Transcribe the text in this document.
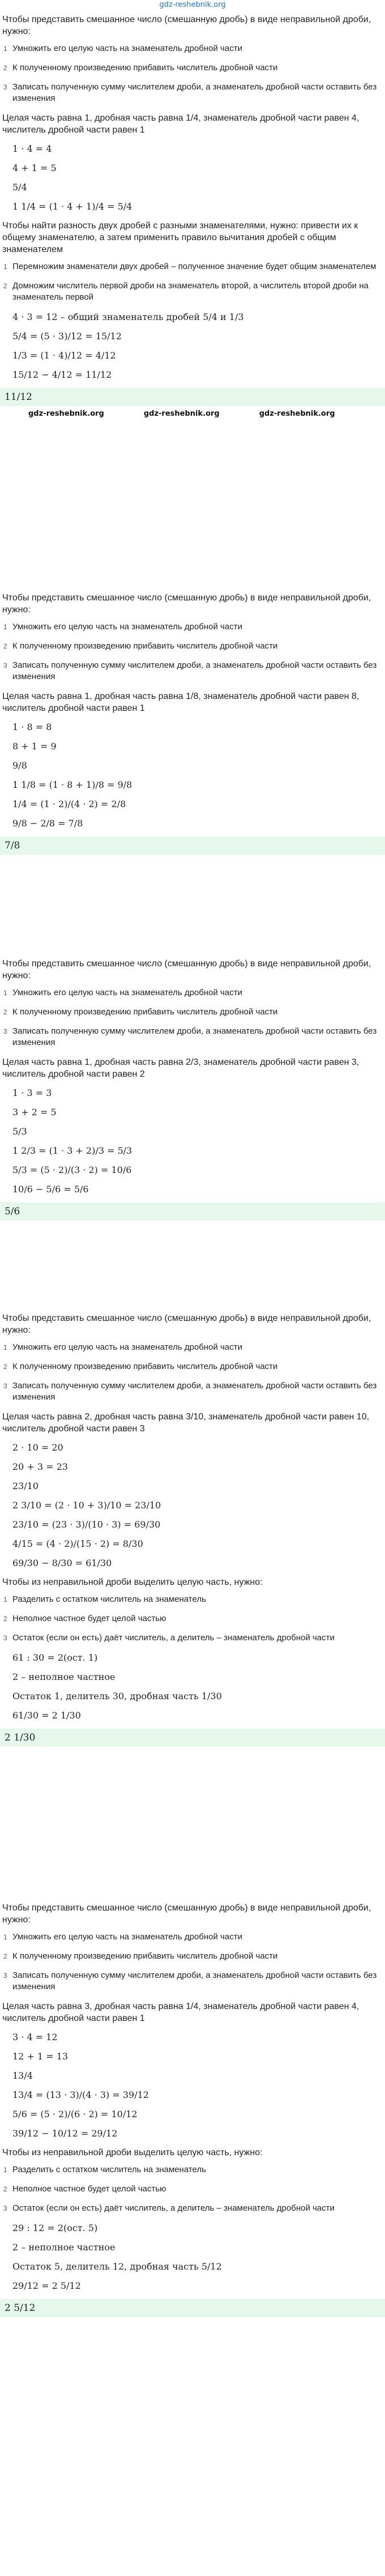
gdz-reshebnik.org

Чтобы представить смешанное число (смешанную дробь) в виде неправильной дроби, нужно:

1 Умножить его целую часть на знаменатель дробной части
2 К полученному произведению прибавить числитель дробной части
3 Записать полученную сумму числителем дроби, а знаменатель дробной части оставить без изменения

Целая часть равна 1, дробная часть равна 1/4, знаменатель дробной части равен 4, числитель дробной части равен 1

1 · 4 = 4
4 + 1 = 5
5/4
1 1/4 = (1 · 4 + 1)/4 = 5/4

Чтобы найти разность двух дробей с разными знаменателями, нужно: привести их к общему знаменателю, а затем применить правило вычитания дробей с общим знаменателем

1 Перемножим знаменатели двух дробей – полученное значение будет общим знаменателем
2 Домножим числитель первой дроби на знаменатель второй, а числитель второй дроби на знаменатель первой
4 · 3 = 12 – общий знаменатель дробей 5/4 и 1/3
5/4 = (5 · 3)/12 = 15/12
1/3 = (1 · 4)/12 = 4/12
15/12 − 4/12 = 11/12
11/12
gdz-reshebnik.org	gdz-reshebnik.org	gdz-reshebnik.org

Чтобы представить смешанное число (смешанную дробь) в виде неправильной дроби, нужно:

1 Умножить его целую часть на знаменатель дробной части
2 К полученному произведению прибавить числитель дробной части
3 Записать полученную сумму числителем дроби, а знаменатель дробной части оставить без изменения

Целая часть равна 1, дробная часть равна 1/8, знаменатель дробной части равен 8, числитель дробной части равен 1

1 · 8 = 8
8 + 1 = 9
9/8
1 1/8 = (1 · 8 + 1)/8 = 9/8
1/4 = (1 · 2)/(4 · 2) = 2/8
9/8 − 2/8 = 7/8
7/8

Чтобы представить смешанное число (смешанную дробь) в виде неправильной дроби, нужно:

1 Умножить его целую часть на знаменатель дробной части
2 К полученному произведению прибавить числитель дробной части
3 Записать полученную сумму числителем дроби, а знаменатель дробной части оставить без изменения

Целая часть равна 1, дробная часть равна 2/3, знаменатель дробной части равен 3, числитель дробной части равен 2

1 · 3 = 3
3 + 2 = 5
5/3
1 2/3 = (1 · 3 + 2)/3 = 5/3
5/3 = (5 · 2)/(3 · 2) = 10/6
10/6 − 5/6 = 5/6
5/6

Чтобы представить смешанное число (смешанную дробь) в виде неправильной дроби, нужно:

1 Умножить его целую часть на знаменатель дробной части
2 К полученному произведению прибавить числитель дробной части
3 Записать полученную сумму числителем дроби, а знаменатель дробной части оставить без изменения

Целая часть равна 2, дробная часть равна 3/10, знаменатель дробной части равен 10, числитель дробной части равен 3

2 · 10 = 20
20 + 3 = 23
23/10
2 3/10 = (2 · 10 + 3)/10 = 23/10
23/10 = (23 · 3)/(10 · 3) = 69/30
4/15 = (4 · 2)/(15 · 2) = 8/30
69/30 − 8/30 = 61/30

Чтобы из неправильной дроби выделить целую часть, нужно:

1 Разделить с остатком числитель на знаменатель
2 Неполное частное будет целой частью
3 Остаток (если он есть) даёт числитель, а делитель – знаменатель дробной части
61 : 30 = 2(ост. 1)
2 – неполное частное
Остаток 1, делитель 30, дробная часть 1/30
61/30 = 2 1/30
2 1/30

Чтобы представить смешанное число (смешанную дробь) в виде неправильной дроби, нужно:

1 Умножить его целую часть на знаменатель дробной части
2 К полученному произведению прибавить числитель дробной части
3 Записать полученную сумму числителем дроби, а знаменатель дробной части оставить без изменения

Целая часть равна 3, дробная часть равна 1/4, знаменатель дробной части равен 4, числитель дробной части равен 1

3 · 4 = 12
12 + 1 = 13
13/4
13/4 = (13 · 3)/(4 · 3) = 39/12
5/6 = (5 · 2)/(6 · 2) = 10/12
39/12 − 10/12 = 29/12

Чтобы из неправильной дроби выделить целую часть, нужно:

1 Разделить с остатком числитель на знаменатель
2 Неполное частное будет целой частью
3 Остаток (если он есть) даёт числитель, а делитель – знаменатель дробной части
29 : 12 = 2(ост. 5)
2 – неполное частное
Остаток 5, делитель 12, дробная часть 5/12
29/12 = 2 5/12
2 5/12
